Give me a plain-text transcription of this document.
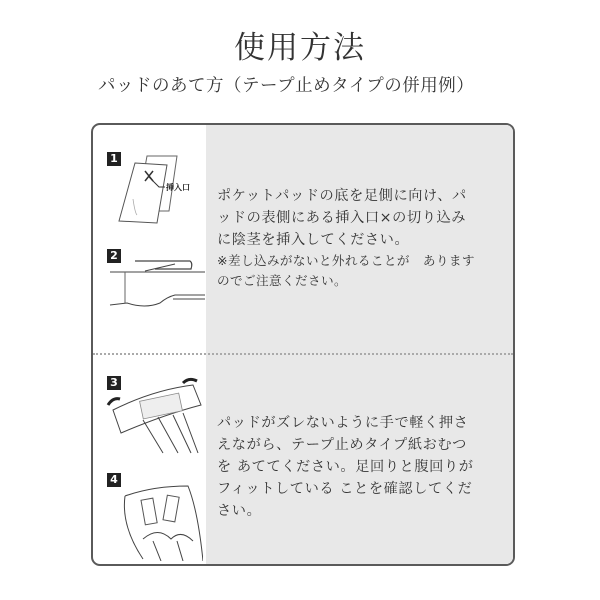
使用方法
パッドのあて方（テープ止めタイプの併用例）
1
挿入口
2
3
4
ポケットパッドの底を足側に向け、パ
ッドの表側にある挿入口×の切り込み
に陰茎を挿入してください。
※差し込みがないと外れることが　あります
のでご注意ください。
パッドがズレないように手で軽く押さ
えながら、テープ止めタイプ紙おむつ
を あててください。足回りと腹回りが
フィットしている ことを確認してくだ
さい。
